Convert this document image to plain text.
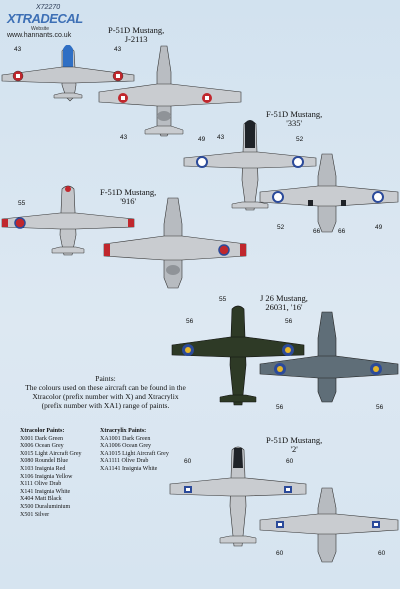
X72270
XTRADECAL
Website
www.hannants.co.uk
P-51D Mustang,
J-2113
43	43
43	43
F-51D Mustang,
'335'
49	52
52
66	66
49
F-51D Mustang,
'916'
55
55	J 26 Mustang,
26031, '16'
56	56
56	56
Paints:
The colours used on these aircraft can be found in the
Xtracolor (prefix number with X) and Xtracrylix
(prefix number with XA1) range of paints.
Xtracolor Paints:
X001 Dark Green
X006 Ocean Grey
X015 Light Aircraft Grey
X080 Roundel Blue
X103 Insignia Red
X106 Insignia Yellow
X111 Olive Drab
X141 Insignia White
X404 Matt Black
X500 Duraluminium
X501 Silver
Xtracrylix Paints:
XA1001 Dark Green
XA1006 Ocean Grey
XA1015 Light Aircraft Grey
XA1111 Olive Drab
XA1141 Insignia White
P-51D Mustang,
'2'
60	60
60	60
